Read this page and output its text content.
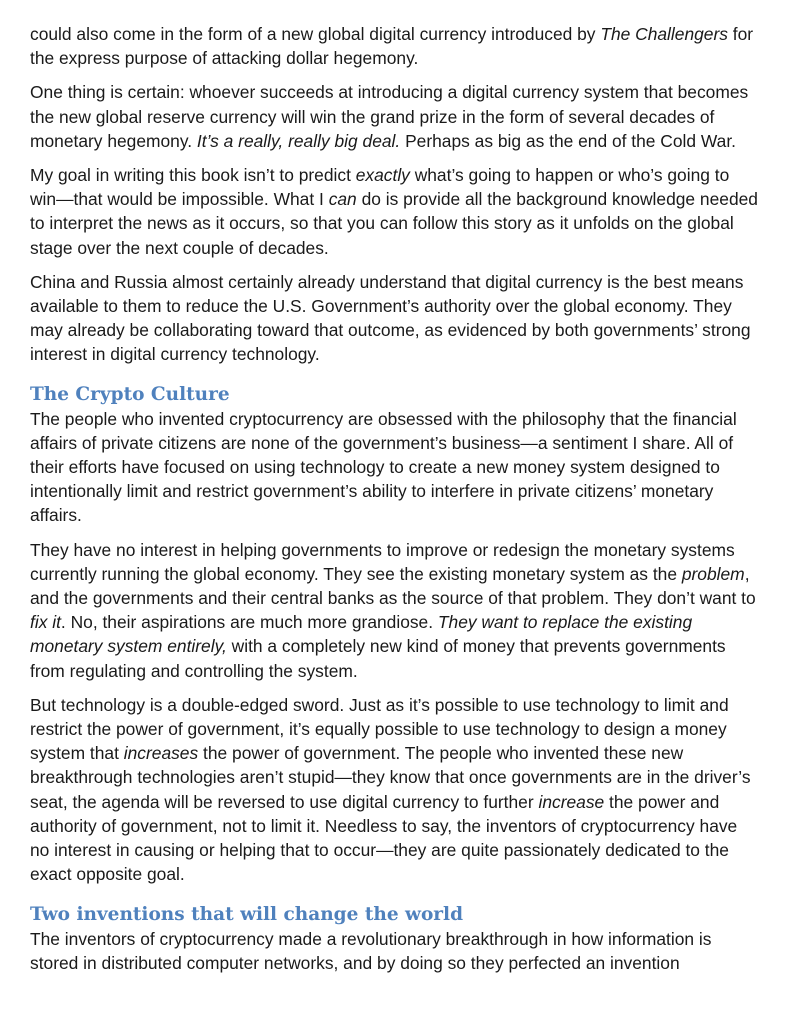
could also come in the form of a new global digital currency introduced by The Challengers for the express purpose of attacking dollar hegemony.

One thing is certain: whoever succeeds at introducing a digital currency system that becomes the new global reserve currency will win the grand prize in the form of several decades of monetary hegemony. It’s a really, really big deal. Perhaps as big as the end of the Cold War.

My goal in writing this book isn’t to predict exactly what’s going to happen or who’s going to win—that would be impossible. What I can do is provide all the background knowledge needed to interpret the news as it occurs, so that you can follow this story as it unfolds on the global stage over the next couple of decades.

China and Russia almost certainly already understand that digital currency is the best means available to them to reduce the U.S. Government’s authority over the global economy. They may already be collaborating toward that outcome, as evidenced by both governments’ strong interest in digital currency technology.

The Crypto Culture

The people who invented cryptocurrency are obsessed with the philosophy that the financial affairs of private citizens are none of the government’s business—a sentiment I share. All of their efforts have focused on using technology to create a new money system designed to intentionally limit and restrict government’s ability to interfere in private citizens’ monetary affairs.

They have no interest in helping governments to improve or redesign the monetary systems currently running the global economy. They see the existing monetary system as the problem, and the governments and their central banks as the source of that problem. They don’t want to fix it. No, their aspirations are much more grandiose. They want to replace the existing monetary system entirely, with a completely new kind of money that prevents governments from regulating and controlling the system.

But technology is a double-edged sword. Just as it’s possible to use technology to limit and restrict the power of government, it’s equally possible to use technology to design a money system that increases the power of government. The people who invented these new breakthrough technologies aren’t stupid—they know that once governments are in the driver’s seat, the agenda will be reversed to use digital currency to further increase the power and authority of government, not to limit it. Needless to say, the inventors of cryptocurrency have no interest in causing or helping that to occur—they are quite passionately dedicated to the exact opposite goal.

Two inventions that will change the world

The inventors of cryptocurrency made a revolutionary breakthrough in how information is stored in distributed computer networks, and by doing so they perfected an invention
